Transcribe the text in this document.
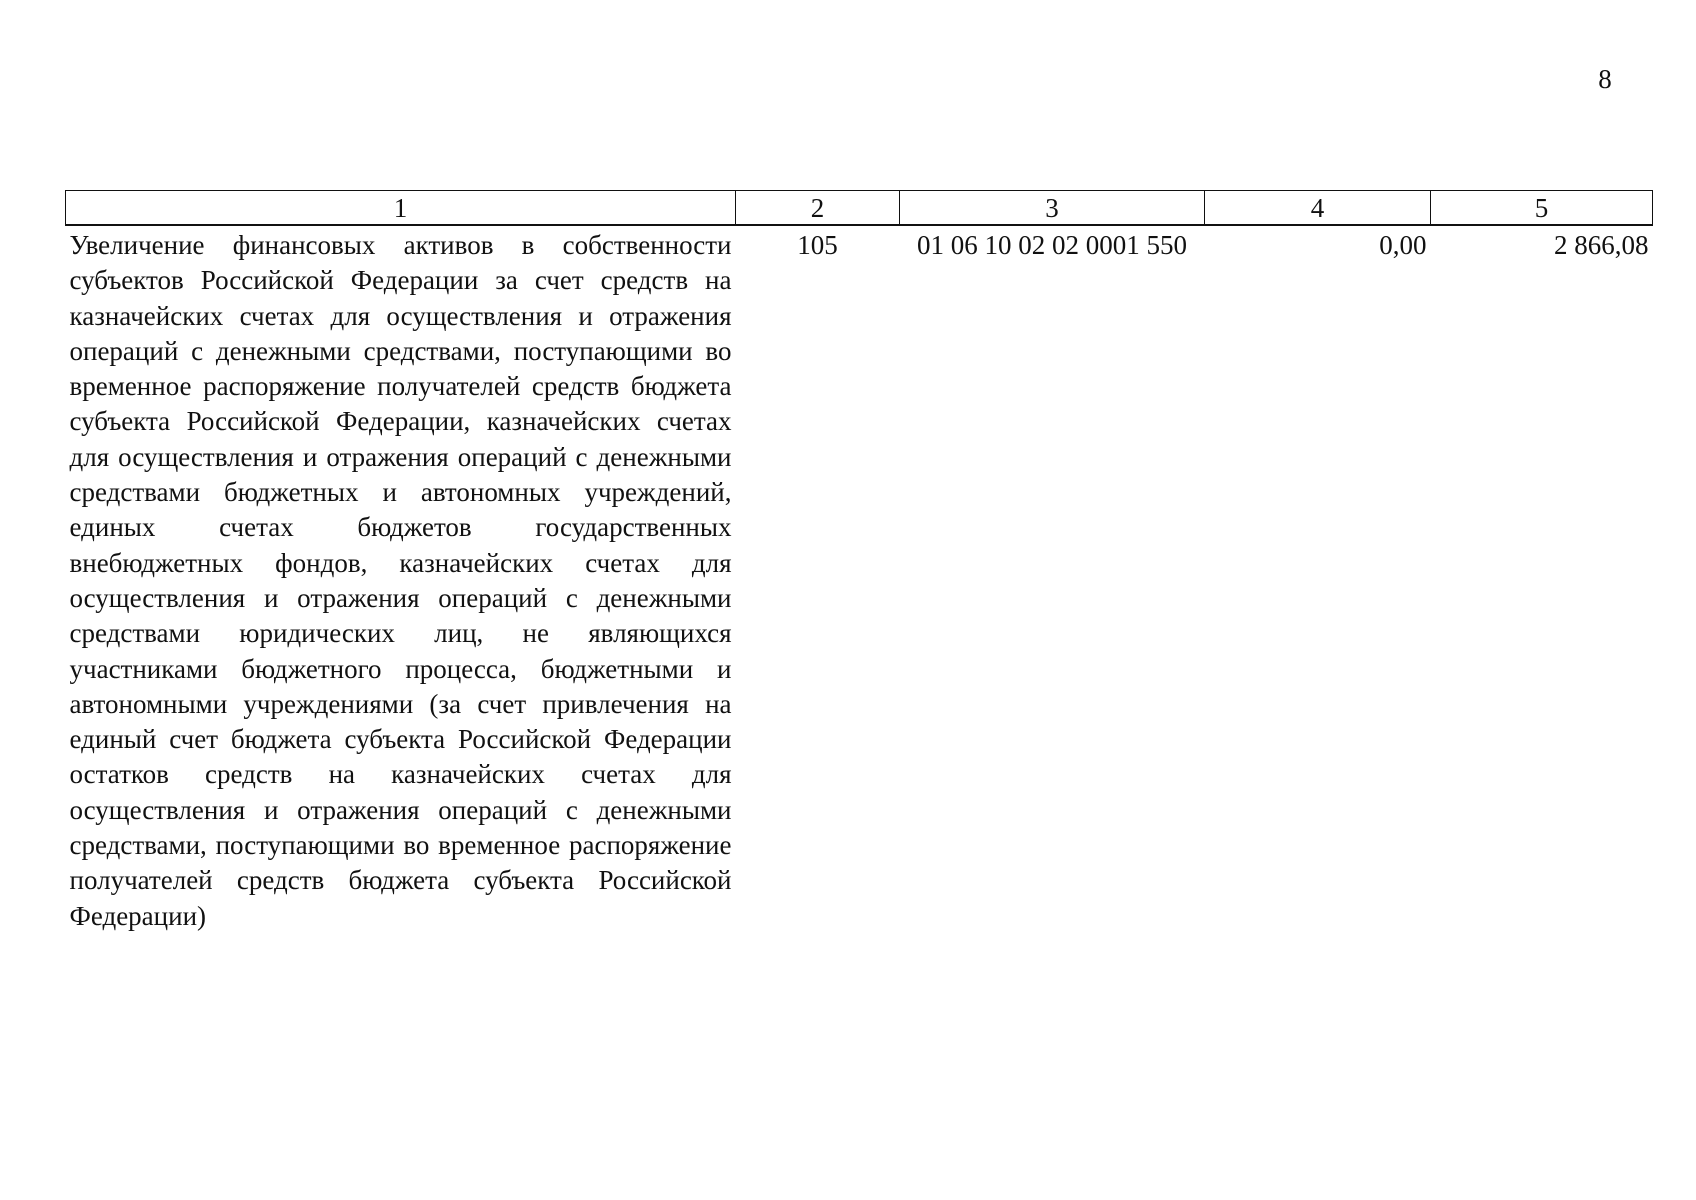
8
1	2	3	4	5
Увеличение финансовых активов в собственности субъектов Российской Федерации за счет средств на казначейских счетах для осуществления и отражения операций с денежными средствами, поступающими во временное распоряжение получателей средств бюджета субъекта Российской Федерации, казначейских счетах для осуществления и отражения операций с денежными средствами бюджетных и автономных учреждений, единых счетах бюджетов государственных внебюджетных фондов, казначейских счетах для осуществления и отражения операций с денежными средствами юридических лиц, не являющихся участниками бюджетного процесса, бюджетными и автономными учреждениями (за счет привлечения на единый счет бюджета субъекта Российской Федерации остатков средств на казначейских счетах для осуществления и отражения операций с денежными средствами, поступающими во временное распоряжение получателей средств бюджета субъекта Российской Федерации)	105	01 06 10 02 02 0001 550	0,00	2 866,08
